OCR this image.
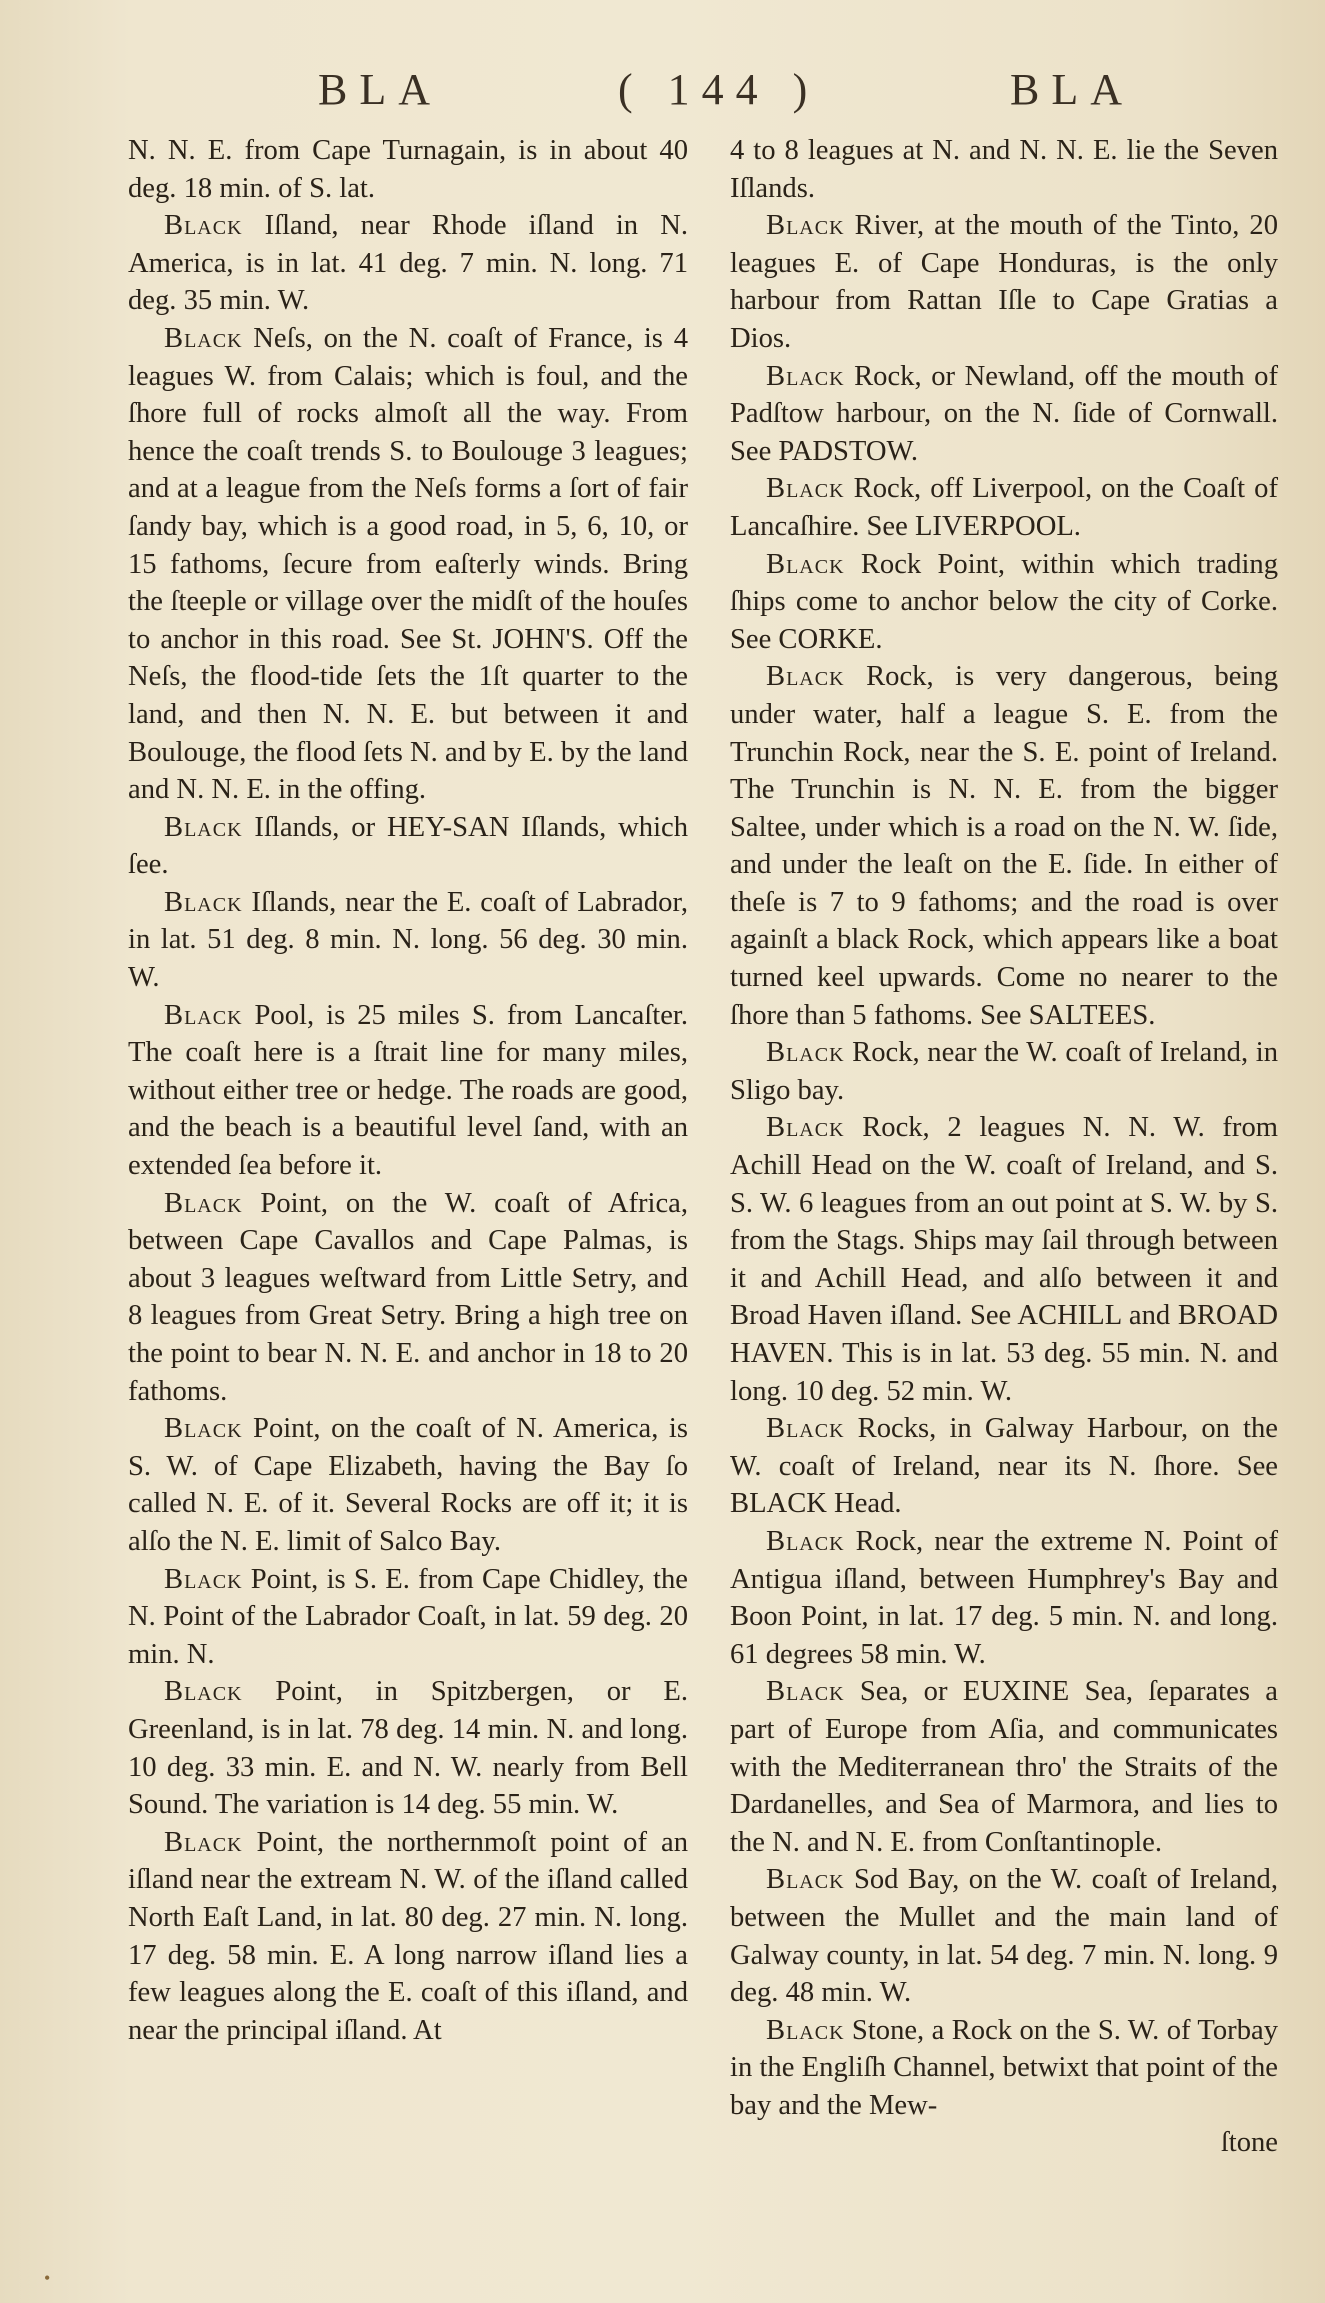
BLA	( 144 )	BLA

N. N. E. from Cape Turnagain, is in about 40 deg. 18 min. of S. lat.

Black Iſland, near Rhode iſland in N. America, is in lat. 41 deg. 7 min. N. long. 71 deg. 35 min. W.

Black Neſs, on the N. coaſt of France, is 4 leagues W. from Calais; which is foul, and the ſhore full of rocks almoſt all the way. From hence the coaſt trends S. to Boulouge 3 leagues; and at a league from the Neſs forms a ſort of fair ſandy bay, which is a good road, in 5, 6, 10, or 15 fathoms, ſecure from eaſterly winds. Bring the ſteeple or village over the midſt of the houſes to anchor in this road. See St. JOHN'S. Off the Neſs, the flood-tide ſets the 1ſt quarter to the land, and then N. N. E. but between it and Boulouge, the flood ſets N. and by E. by the land and N. N. E. in the offing.

Black Iſlands, or HEY-SAN Iſlands, which ſee.

Black Iſlands, near the E. coaſt of Labrador, in lat. 51 deg. 8 min. N. long. 56 deg. 30 min. W.

Black Pool, is 25 miles S. from Lancaſter. The coaſt here is a ſtrait line for many miles, without either tree or hedge. The roads are good, and the beach is a beautiful level ſand, with an extended ſea before it.

Black Point, on the W. coaſt of Africa, between Cape Cavallos and Cape Palmas, is about 3 leagues weſtward from Little Setry, and 8 leagues from Great Setry. Bring a high tree on the point to bear N. N. E. and anchor in 18 to 20 fathoms.

Black Point, on the coaſt of N. America, is S. W. of Cape Elizabeth, having the Bay ſo called N. E. of it. Several Rocks are off it; it is alſo the N. E. limit of Salco Bay.

Black Point, is S. E. from Cape Chidley, the N. Point of the Labrador Coaſt, in lat. 59 deg. 20 min. N.

Black Point, in Spitzbergen, or E. Greenland, is in lat. 78 deg. 14 min. N. and long. 10 deg. 33 min. E. and N. W. nearly from Bell Sound. The variation is 14 deg. 55 min. W.

Black Point, the northernmoſt point of an iſland near the extream N. W. of the iſland called North Eaſt Land, in lat. 80 deg. 27 min. N. long. 17 deg. 58 min. E. A long narrow iſland lies a few leagues along the E. coaſt of this iſland, and near the principal iſland. At

4 to 8 leagues at N. and N. N. E. lie the Seven Iſlands.

Black River, at the mouth of the Tinto, 20 leagues E. of Cape Honduras, is the only harbour from Rattan Iſle to Cape Gratias a Dios.

Black Rock, or Newland, off the mouth of Padſtow harbour, on the N. ſide of Cornwall. See PADSTOW.

Black Rock, off Liverpool, on the Coaſt of Lancaſhire. See LIVERPOOL.

Black Rock Point, within which trading ſhips come to anchor below the city of Corke. See CORKE.

Black Rock, is very dangerous, being under water, half a league S. E. from the Trunchin Rock, near the S. E. point of Ireland. The Trunchin is N. N. E. from the bigger Saltee, under which is a road on the N. W. ſide, and under the leaſt on the E. ſide. In either of theſe is 7 to 9 fathoms; and the road is over againſt a black Rock, which appears like a boat turned keel upwards. Come no nearer to the ſhore than 5 fathoms. See SALTEES.

Black Rock, near the W. coaſt of Ireland, in Sligo bay.

Black Rock, 2 leagues N. N. W. from Achill Head on the W. coaſt of Ireland, and S. S. W. 6 leagues from an out point at S. W. by S. from the Stags. Ships may ſail through between it and Achill Head, and alſo between it and Broad Haven iſland. See ACHILL and BROAD HAVEN. This is in lat. 53 deg. 55 min. N. and long. 10 deg. 52 min. W.

Black Rocks, in Galway Harbour, on the W. coaſt of Ireland, near its N. ſhore. See BLACK Head.

Black Rock, near the extreme N. Point of Antigua iſland, between Humphrey's Bay and Boon Point, in lat. 17 deg. 5 min. N. and long. 61 degrees 58 min. W.

Black Sea, or EUXINE Sea, ſeparates a part of Europe from Aſia, and communicates with the Mediterranean thro' the Straits of the Dardanelles, and Sea of Marmora, and lies to the N. and N. E. from Conſtantinople.

Black Sod Bay, on the W. coaſt of Ireland, between the Mullet and the main land of Galway county, in lat. 54 deg. 7 min. N. long. 9 deg. 48 min. W.

Black Stone, a Rock on the S. W. of Torbay in the Engliſh Channel, betwixt that point of the bay and the Mew-

ſtone

•
